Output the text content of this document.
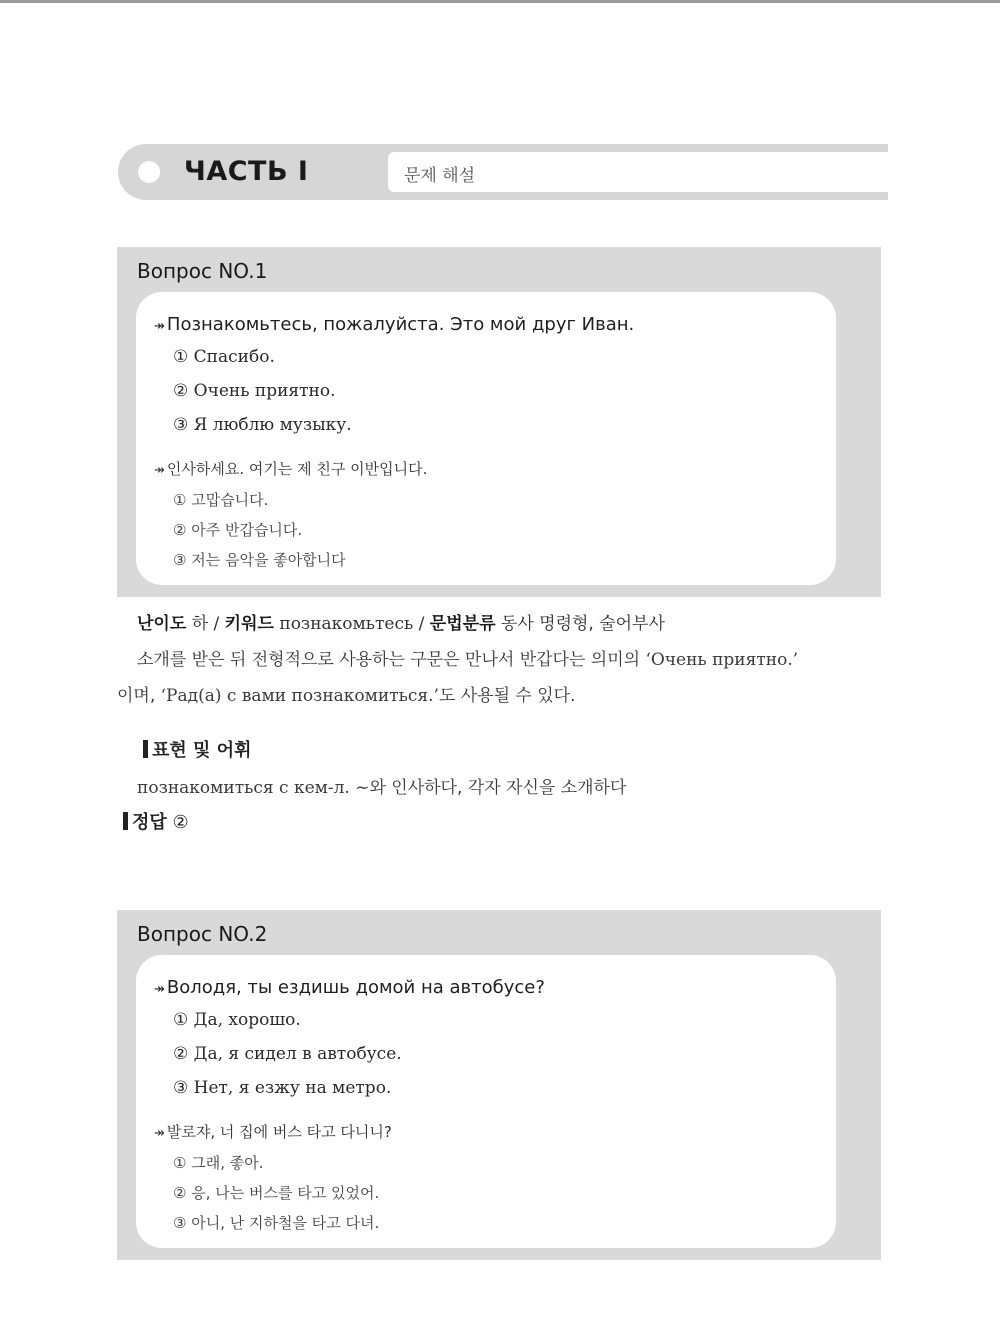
ЧАСТЬ I	문제 해설
Вопрос NO.1
↠ Познакомьтесь, пожалуйста. Это мой друг Иван.
① Спасибо.
② Очень приятно.
③ Я люблю музыку.
↠ 인사하세요. 여기는 제 친구 이반입니다.
① 고맙습니다.
② 아주 반갑습니다.
③ 저는 음악을 좋아합니다
난이도 하 / 키워드 познакомьтесь / 문법분류 동사 명령형, 술어부사
소개를 받은 뒤 전형적으로 사용하는 구문은 만나서 반갑다는 의미의 ‘Очень приятно.’
이며, ‘Рад(а) с вами познакомиться.’도 사용될 수 있다.
표현 및 어휘
познакомиться с кем-л. ~와 인사하다, 각자 자신을 소개하다
정답 ②
Вопрос NO.2
↠ Володя, ты ездишь домой на автобусе?
① Да, хорошо.
② Да, я сидел в автобусе.
③ Нет, я езжу на метро.
↠ 발로쟈, 너 집에 버스 타고 다니니?
① 그래, 좋아.
② 응, 나는 버스를 타고 있었어.
③ 아니, 난 지하철을 타고 다녀.
